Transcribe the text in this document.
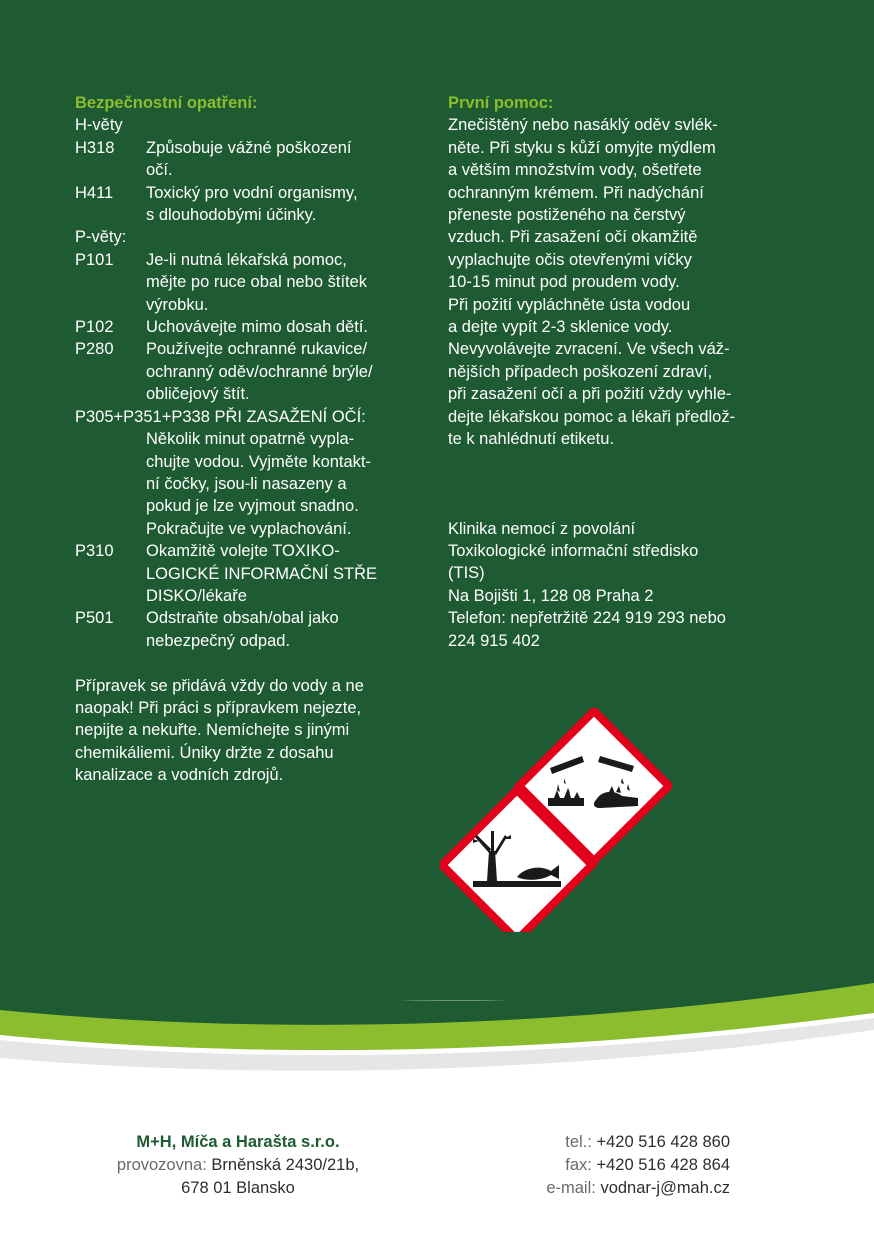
Bezpečnostní opatření:
H-věty
H318	Způsobuje vážné poškození
očí.
H411	Toxický pro vodní organismy,
s dlouhodobými účinky.
P-věty:
P101	Je-li nutná lékařská pomoc,
mějte po ruce obal nebo štítek
výrobku.
P102	Uchovávejte mimo dosah dětí.
P280	Používejte ochranné rukavice/
ochranný oděv/ochranné brýle/
obličejový štít.
P305+P351+P338 PŘI ZASAŽENÍ OČÍ:
Několik minut opatrně vypla-
chujte vodou. Vyjměte kontakt-
ní čočky, jsou-li nasazeny a
pokud je lze vyjmout snadno.
Pokračujte ve vyplachování.
P310	Okamžitě volejte TOXIKO-
LOGICKÉ INFORMAČNÍ STŘE
DISKO/lékaře
P501	Odstraňte obsah/obal jako
nebezpečný odpad.
Přípravek se přidává vždy do vody a ne
naopak! Při práci s přípravkem nejezte,
nepijte a nekuřte. Nemíchejte s jinými
chemikáliemi. Úniky držte z dosahu
kanalizace a vodních zdrojů.
První pomoc:
Znečištěný nebo nasáklý oděv svlék-
něte. Při styku s kůží omyjte mýdlem
a větším množstvím vody, ošetřete
ochranným krémem. Při nadýchání
přeneste postiženého na čerstvý
vzduch. Při zasažení očí okamžitě
vyplachujte očis otevřenými víčky
10-15 minut pod proudem vody.
Při požití vypláchněte ústa vodou
a dejte vypít 2-3 sklenice vody.
Nevyvolávejte zvracení. Ve všech váž-
nějších případech poškození zdraví,
při zasažení očí a při požití vždy vyhle-
dejte lékařskou pomoc a lékaři předlož-
te k nahlédnutí etiketu.
Klinika nemocí z povolání
Toxikologické informační středisko
(TIS)
Na Bojišti 1, 128 08 Praha 2
Telefon: nepřetržitě 224 919 293 nebo
224 915 402
M+H, Míča a Harašta s.r.o.
provozovna: Brněnská 2430/21b,
678 01 Blansko
tel.: +420 516 428 860
fax: +420 516 428 864
e-mail: vodnar-j@mah.cz
